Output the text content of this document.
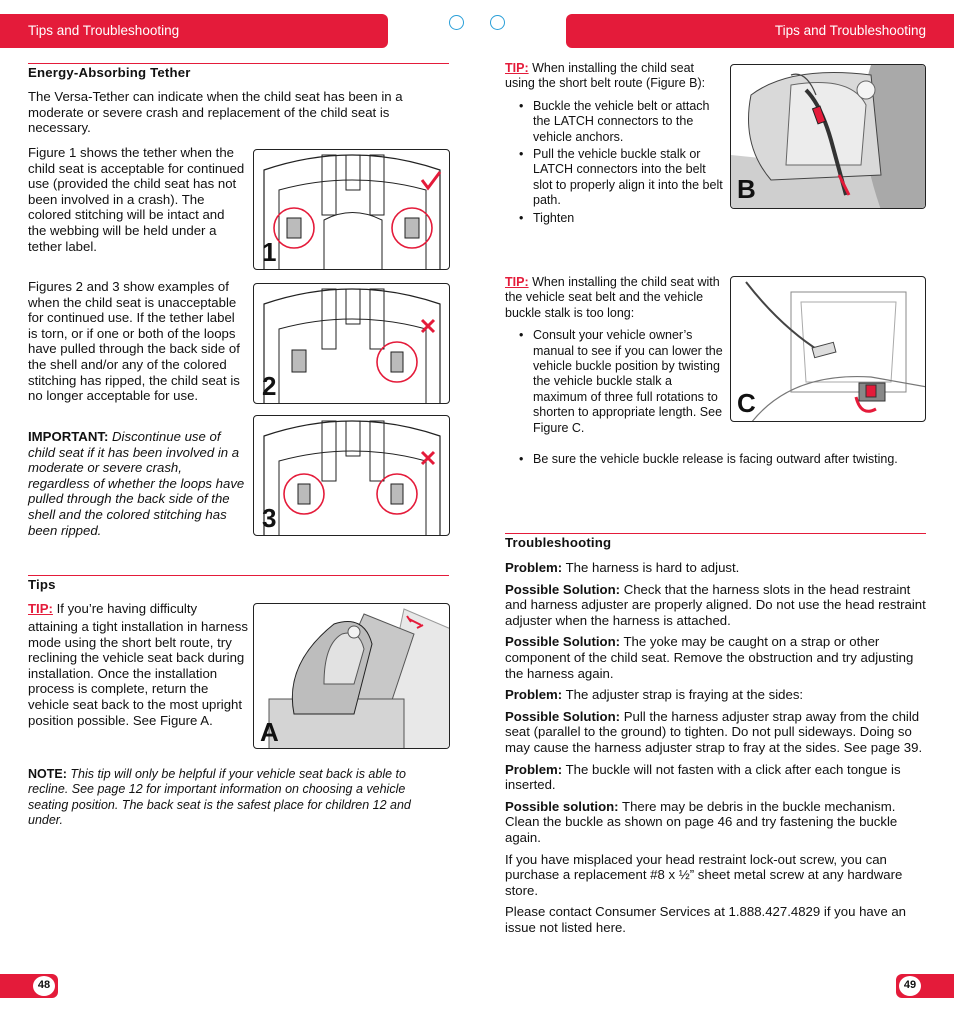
Tips and Troubleshooting	Tips and Troubleshooting
Energy-Absorbing Tether

The Versa-Tether can indicate when the child seat has been in a moderate or severe crash and replacement of the child seat is necessary.

Figure 1 shows the tether when the child seat is acceptable for continued use (provided the child seat has not been involved in a crash). The colored stitching will be intact and the webbing will be held under a tether label.

Figures 2 and 3 show examples of when the child seat is unacceptable for continued use. If the tether label is torn, or if one or both of the loops have pulled through the back side of the shell and/or any of the colored stitching has ripped, the child seat is no longer acceptable for use.

IMPORTANT: Discontinue use of child seat if it has been involved in a moderate or severe crash, regardless of whether the loops have pulled through the back side of the shell and the colored stitching has been ripped.

1
2
3
Tips

TIP: If you’re having difficulty

attaining a tight installation in harness mode using the short belt route, try reclining the vehicle seat back during installation. Once the installation process is complete, return the vehicle seat back to the most upright position possible. See Figure A.	A

NOTE: This tip will only be helpful if your vehicle seat back is able to recline. See page 12 for important information on choosing a vehicle seating position. The back seat is the safest place for children 12 and under.

TIP: When installing the child seat using the short belt route (Figure B):

• Buckle the vehicle belt or attach the LATCH connectors to the vehicle anchors.
• Pull the vehicle buckle stalk or LATCH connectors into the belt slot to properly align it into the belt path.
• Tighten
B

TIP: When installing the child seat with the vehicle seat belt and the vehicle buckle stalk is too long:

• Consult your vehicle owner’s manual to see if you can lower the vehicle buckle position by twisting the vehicle buckle stalk a maximum of three full rotations to shorten to appropriate length. See Figure C.
• Be sure the vehicle buckle release is facing outward after twisting.
C
Troubleshooting

Problem: The harness is hard to adjust.

Possible Solution: Check that the harness slots in the head restraint and harness adjuster are properly aligned. Do not use the head restraint adjuster when the harness is attached.

Possible Solution: The yoke may be caught on a strap or other component of the child seat. Remove the obstruction and try adjusting the harness again.

Problem: The adjuster strap is fraying at the sides:

Possible Solution: Pull the harness adjuster strap away from the child seat (parallel to the ground) to tighten. Do not pull sideways. Doing so may cause the harness adjuster strap to fray at the sides. See page 39.

Problem: The buckle will not fasten with a click after each tongue is inserted.

Possible solution: There may be debris in the buckle mechanism. Clean the buckle as shown on page 46 and try fastening the buckle again.

If you have misplaced your head restraint lock-out screw, you can purchase a replacement #8 x ½” sheet metal screw at any hardware store.

Please contact Consumer Services at 1.888.427.4829 if you have an issue not listed here.

48	49
